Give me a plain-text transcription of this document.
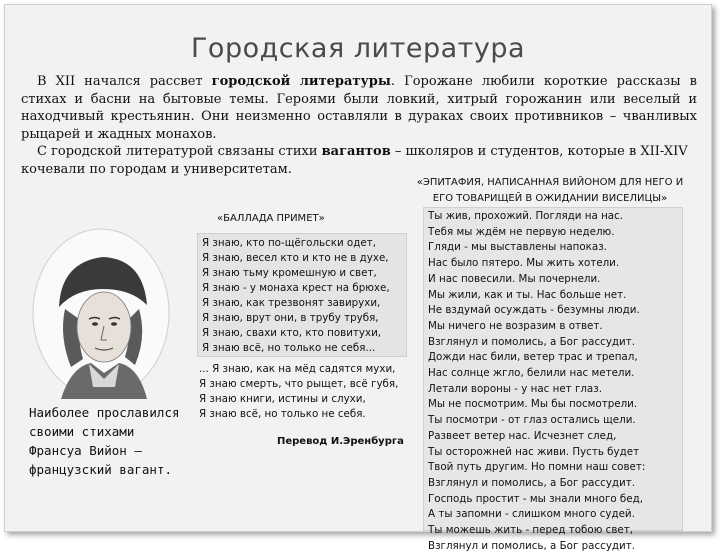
Городская литература

В XII начался рассвет городской литературы. Горожане любили короткие рассказы в стихах и басни на бытовые темы. Героями были ловкий, хитрый горожанин или веселый и находчивый крестьянин. Они неизменно оставляли в дураках своих противников – чванливых рыцарей и жадных монахов.

С городской литературой связаны стихи вагантов – школяров и студентов, которые в XII-XIV

кочевали по городам и университетам.
Наиболее прославился своими стихами Франсуа Вийон – французский вагант.
«БАЛЛАДА ПРИМЕТ»
Я знаю, кто по-щёгольски одет,
Я знаю, весел кто и кто не в духе,
Я знаю тьму кромешную и свет,
Я знаю - у монаха крест на брюхе,
Я знаю, как трезвонят завирухи,
Я знаю, врут они, в трубу трубя,
Я знаю, свахи кто, кто повитухи,
Я знаю всё, но только не себя...
... Я знаю, как на мёд садятся мухи,
Я знаю смерть, что рыщет, всё губя,
Я знаю книги, истины и слухи,
Я знаю всё, но только не себя.
Перевод И.Эренбурга
«ЭПИТАФИЯ, НАПИСАННАЯ ВИЙОНОМ ДЛЯ НЕГО И
ЕГО ТОВАРИЩЕЙ В ОЖИДАНИИ ВИСЕЛИЦЫ»
Ты жив, прохожий. Погляди на нас.
Тебя мы ждём не первую неделю.
Гляди - мы выставлены напоказ.
Нас было пятеро. Мы жить хотели.
И нас повесили. Мы почернели.
Мы жили, как и ты. Нас больше нет.
Не вздумай осуждать - безумны люди.
Мы ничего не возразим в ответ.
Взглянул и помолись, а Бог рассудит.
Дожди нас били, ветер трас и трепал,
Нас солнце жгло, белили нас метели.
Летали вороны - у нас нет глаз.
Мы не посмотрим. Мы бы посмотрели.
Ты посмотри - от глаз остались щели.
Развеет ветер нас. Исчезнет след,
Ты осторожней нас живи. Пусть будет
Твой путь другим. Но помни наш совет:
Взглянул и помолись, а Бог рассудит.
Господь простит - мы знали много бед,
А ты запомни - слишком много судей.
Ты можешь жить - перед тобою свет,
Взглянул и помолись, а Бог рассудит.
